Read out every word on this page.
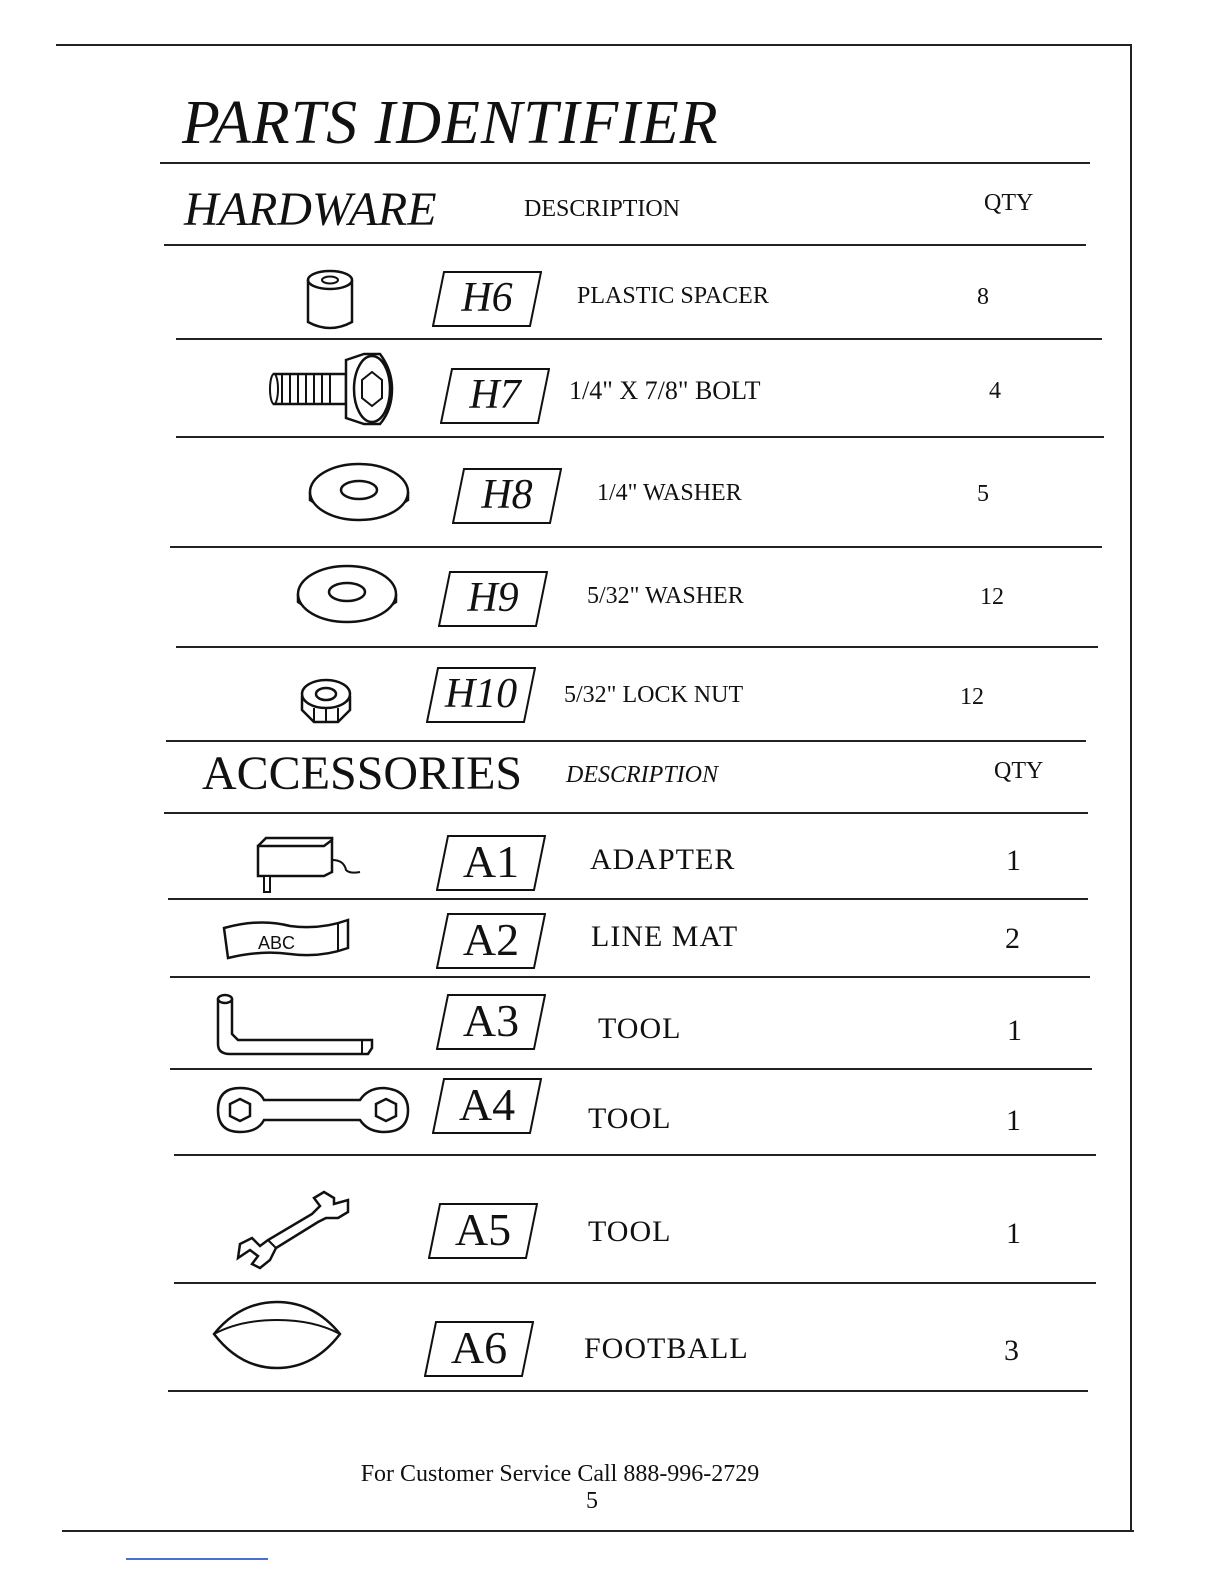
PARTS IDENTIFIER
HARDWARE	DESCRIPTION	QTY
H6	PLASTIC SPACER	8
H7	1/4" X 7/8" BOLT	4
H8	1/4" WASHER	5
H9	5/32" WASHER	12
H10	5/32" LOCK NUT	12
ACCESSORIES DESCRIPTION	QTY
A1	ADAPTER	1
ABC	A2	LINE MAT	2
A3	TOOL	1
A4	TOOL	1
A5	TOOL	1
A6	FOOTBALL	3
For Customer Service Call 888-996-2729
5
